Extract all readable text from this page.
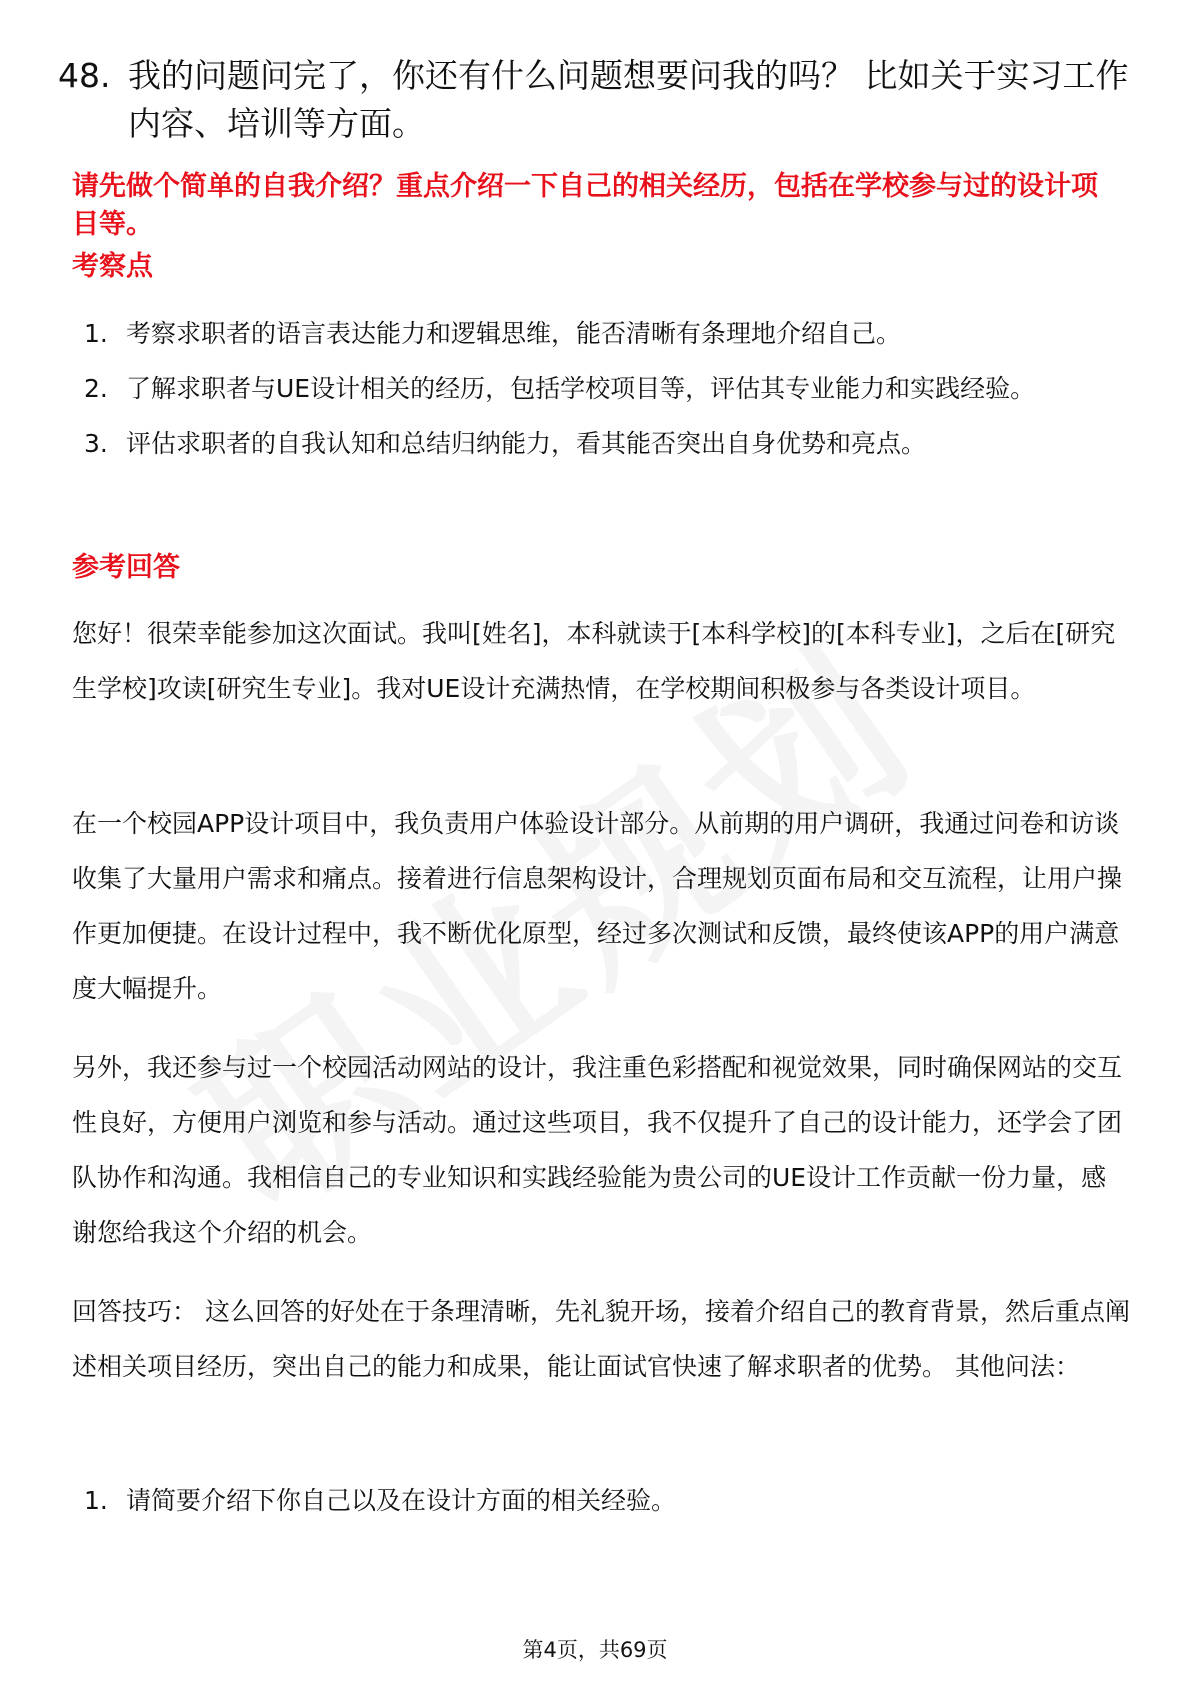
48. 我的问题问完了，你还有什么问题想要问我的吗？ 比如关于实习工作内容、培训等方面。
请先做个简单的自我介绍？重点介绍一下自己的相关经历，包括在学校参与过的设计项目等。
考察点
1. 考察求职者的语言表达能力和逻辑思维，能否清晰有条理地介绍自己。
2. 了解求职者与UE设计相关的经历，包括学校项目等，评估其专业能力和实践经验。
3. 评估求职者的自我认知和总结归纳能力，看其能否突出自身优势和亮点。
参考回答

您好！很荣幸能参加这次面试。我叫[姓名]，本科就读于[本科学校]的[本科专业]，之后在[研究生学校]攻读[研究生专业]。我对UE设计充满热情，在学校期间积极参与各类设计项目。

在一个校园APP设计项目中，我负责用户体验设计部分。从前期的用户调研，我通过问卷和访谈收集了大量用户需求和痛点。接着进行信息架构设计，合理规划页面布局和交互流程，让用户操作更加便捷。在设计过程中，我不断优化原型，经过多次测试和反馈，最终使该APP的用户满意度大幅提升。

另外，我还参与过一个校园活动网站的设计，我注重色彩搭配和视觉效果，同时确保网站的交互性良好，方便用户浏览和参与活动。通过这些项目，我不仅提升了自己的设计能力，还学会了团队协作和沟通。我相信自己的专业知识和实践经验能为贵公司的UE设计工作贡献一份力量，感谢您给我这个介绍的机会。

回答技巧： 这么回答的好处在于条理清晰，先礼貌开场，接着介绍自己的教育背景，然后重点阐述相关项目经历，突出自己的能力和成果，能让面试官快速了解求职者的优势。 其他问法：

1. 请简要介绍下你自己以及在设计方面的相关经验。
第4页，共69页
